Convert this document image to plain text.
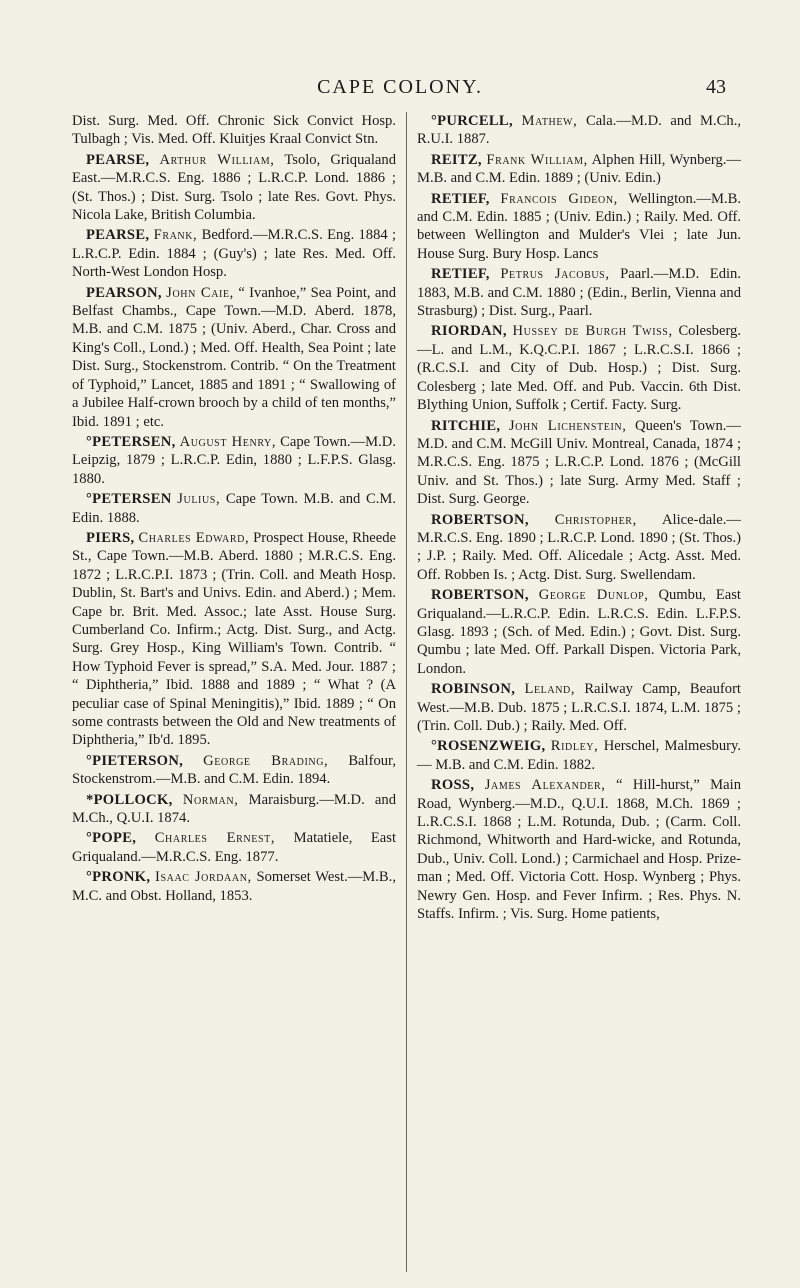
CAPE COLONY.	43

Dist. Surg. Med. Off. Chronic Sick Convict Hosp. Tulbagh ; Vis. Med. Off. Kluitjes Kraal Convict Stn.

PEARSE, Arthur William, Tsolo, Griqualand East.—M.R.C.S. Eng. 1886 ; L.R.C.P. Lond. 1886 ; (St. Thos.) ; Dist. Surg. Tsolo ; late Res. Govt. Phys. Nicola Lake, British Columbia.

PEARSE, Frank, Bedford.—M.R.C.S. Eng. 1884 ; L.R.C.P. Edin. 1884 ; (Guy's) ; late Res. Med. Off. North-West London Hosp.

PEARSON, John Caie, “ Ivanhoe,” Sea Point, and Belfast Chambs., Cape Town.—M.D. Aberd. 1878, M.B. and C.M. 1875 ; (Univ. Aberd., Char. Cross and King's Coll., Lond.) ; Med. Off. Health, Sea Point ; late Dist. Surg., Stockenstrom. Contrib. “ On the Treatment of Typhoid,” Lancet, 1885 and 1891 ; “ Swallowing of a Jubilee Half-crown brooch by a child of ten months,” Ibid. 1891 ; etc.

°PETERSEN, August Henry, Cape Town.—M.D. Leipzig, 1879 ; L.R.C.P. Edin, 1880 ; L.F.P.S. Glasg. 1880.

°PETERSEN Julius, Cape Town. M.B. and C.M. Edin. 1888.

PIERS, Charles Edward, Prospect House, Rheede St., Cape Town.—M.B. Aberd. 1880 ; M.R.C.S. Eng. 1872 ; L.R.C.P.I. 1873 ; (Trin. Coll. and Meath Hosp. Dublin, St. Bart's and Univs. Edin. and Aberd.) ; Mem. Cape br. Brit. Med. Assoc.; late Asst. House Surg. Cumberland Co. Infirm.; Actg. Dist. Surg., and Actg. Surg. Grey Hosp., King William's Town. Contrib. “ How Typhoid Fever is spread,” S.A. Med. Jour. 1887 ; “ Diphtheria,” Ibid. 1888 and 1889 ; “ What ? (A peculiar case of Spinal Meningitis),” Ibid. 1889 ; “ On some contrasts between the Old and New treatments of Diphtheria,” Ib'd. 1895.

°PIETERSON, George Brading, Balfour, Stockenstrom.—M.B. and C.M. Edin. 1894.

*POLLOCK, Norman, Maraisburg.—M.D. and M.Ch., Q.U.I. 1874.

°POPE, Charles Ernest, Matatiele, East Griqualand.—M.R.C.S. Eng. 1877.

°PRONK, Isaac Jordaan, Somerset West.—M.B., M.C. and Obst. Holland, 1853.

°PURCELL, Mathew, Cala.—M.D. and M.Ch., R.U.I. 1887.

REITZ, Frank William, Alphen Hill, Wynberg.—M.B. and C.M. Edin. 1889 ; (Univ. Edin.)

RETIEF, Francois Gideon, Wellington.—M.B. and C.M. Edin. 1885 ; (Univ. Edin.) ; Raily. Med. Off. between Wellington and Mulder's Vlei ; late Jun. House Surg. Bury Hosp. Lancs

RETIEF, Petrus Jacobus, Paarl.—M.D. Edin. 1883, M.B. and C.M. 1880 ; (Edin., Berlin, Vienna and Strasburg) ; Dist. Surg., Paarl.

RIORDAN, Hussey de Burgh Twiss, Colesberg.—L. and L.M., K.Q.C.P.I. 1867 ; L.R.C.S.I. 1866 ; (R.C.S.I. and City of Dub. Hosp.) ; Dist. Surg. Colesberg ; late Med. Off. and Pub. Vaccin. 6th Dist. Blything Union, Suffolk ; Certif. Facty. Surg.

RITCHIE, John Lichenstein, Queen's Town.—M.D. and C.M. McGill Univ. Montreal, Canada, 1874 ; M.R.C.S. Eng. 1875 ; L.R.C.P. Lond. 1876 ; (McGill Univ. and St. Thos.) ; late Surg. Army Med. Staff ; Dist. Surg. George.

ROBERTSON, Christopher, Alice-dale.—M.R.C.S. Eng. 1890 ; L.R.C.P. Lond. 1890 ; (St. Thos.) ; J.P. ; Raily. Med. Off. Alicedale ; Actg. Asst. Med. Off. Robben Is. ; Actg. Dist. Surg. Swellendam.

ROBERTSON, George Dunlop, Qumbu, East Griqualand.—L.R.C.P. Edin. L.R.C.S. Edin. L.F.P.S. Glasg. 1893 ; (Sch. of Med. Edin.) ; Govt. Dist. Surg. Qumbu ; late Med. Off. Parkall Dispen. Victoria Park, London.

ROBINSON, Leland, Railway Camp, Beaufort West.—M.B. Dub. 1875 ; L.R.C.S.I. 1874, L.M. 1875 ; (Trin. Coll. Dub.) ; Raily. Med. Off.

°ROSENZWEIG, Ridley, Herschel, Malmesbury. — M.B. and C.M. Edin. 1882.

ROSS, James Alexander, “ Hill-hurst,” Main Road, Wynberg.—M.D., Q.U.I. 1868, M.Ch. 1869 ; L.R.C.S.I. 1868 ; L.M. Rotunda, Dub. ; (Carm. Coll. Richmond, Whitworth and Hard-wicke, and Rotunda, Dub., Univ. Coll. Lond.) ; Carmichael and Hosp. Prize-man ; Med. Off. Victoria Cott. Hosp. Wynberg ; Phys. Newry Gen. Hosp. and Fever Infirm. ; Res. Phys. N. Staffs. Infirm. ; Vis. Surg. Home patients,
